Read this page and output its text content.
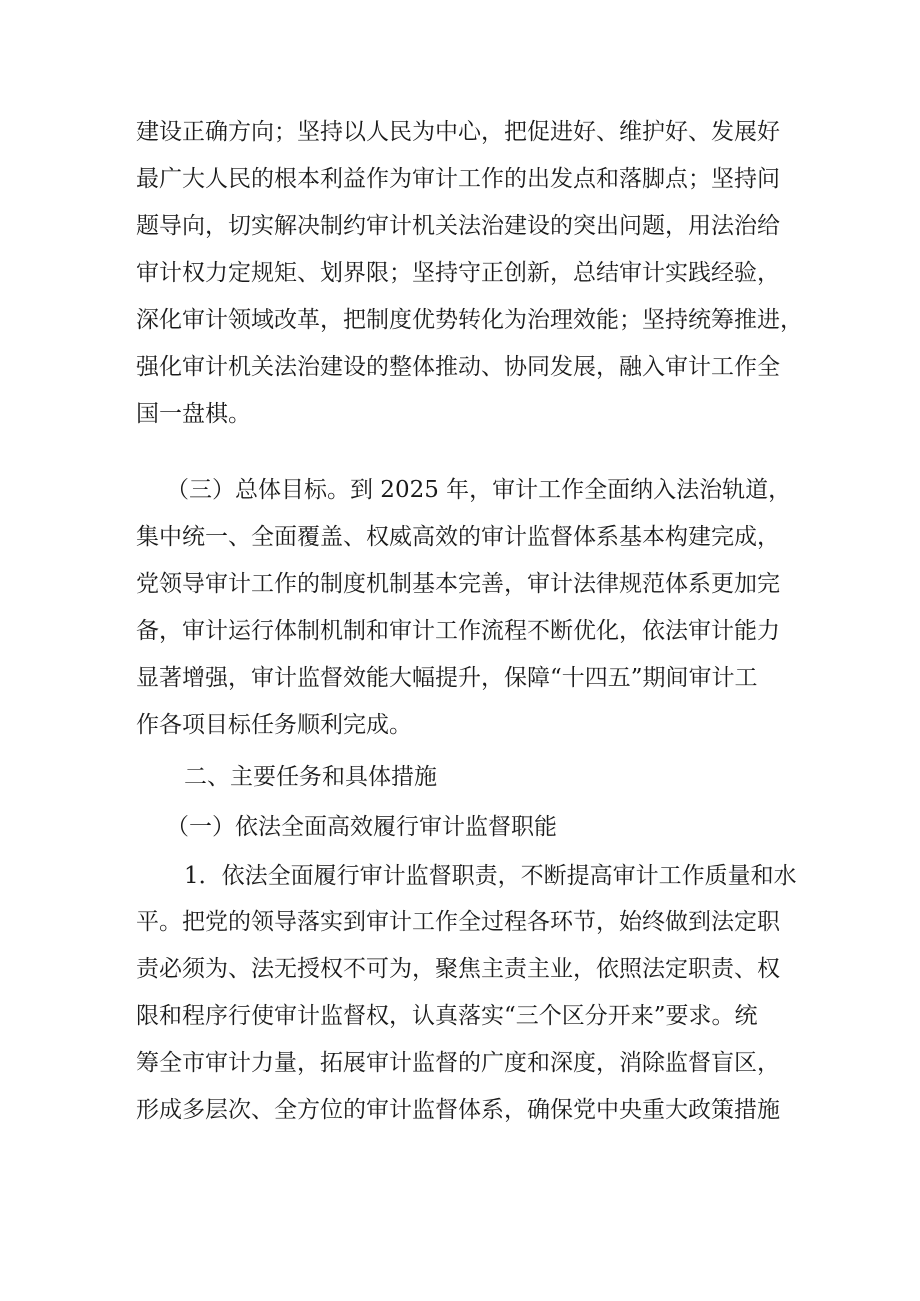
建设正确方向；坚持以人民为中心，把促进好、维护好、发展好

最广大人民的根本利益作为审计工作的出发点和落脚点；坚持问

题导向，切实解决制约审计机关法治建设的突出问题，用法治给

审计权力定规矩、划界限；坚持守正创新，总结审计实践经验，

深化审计领域改革，把制度优势转化为治理效能；坚持统筹推进，

强化审计机关法治建设的整体推动、协同发展，融入审计工作全

国一盘棋。

（三）总体目标。到 2025 年，审计工作全面纳入法治轨道，

集中统一、全面覆盖、权威高效的审计监督体系基本构建完成，

党领导审计工作的制度机制基本完善，审计法律规范体系更加完

备，审计运行体制机制和审计工作流程不断优化，依法审计能力

显著增强，审计监督效能大幅提升，保障“十四五”期间审计工

作各项目标任务顺利完成。

二、主要任务和具体措施

（一）依法全面高效履行审计监督职能

1．依法全面履行审计监督职责，不断提高审计工作质量和水

平。把党的领导落实到审计工作全过程各环节，始终做到法定职

责必须为、法无授权不可为，聚焦主责主业，依照法定职责、权

限和程序行使审计监督权，认真落实“三个区分开来”要求。统

筹全市审计力量，拓展审计监督的广度和深度，消除监督盲区，

形成多层次、全方位的审计监督体系，确保党中央重大政策措施
